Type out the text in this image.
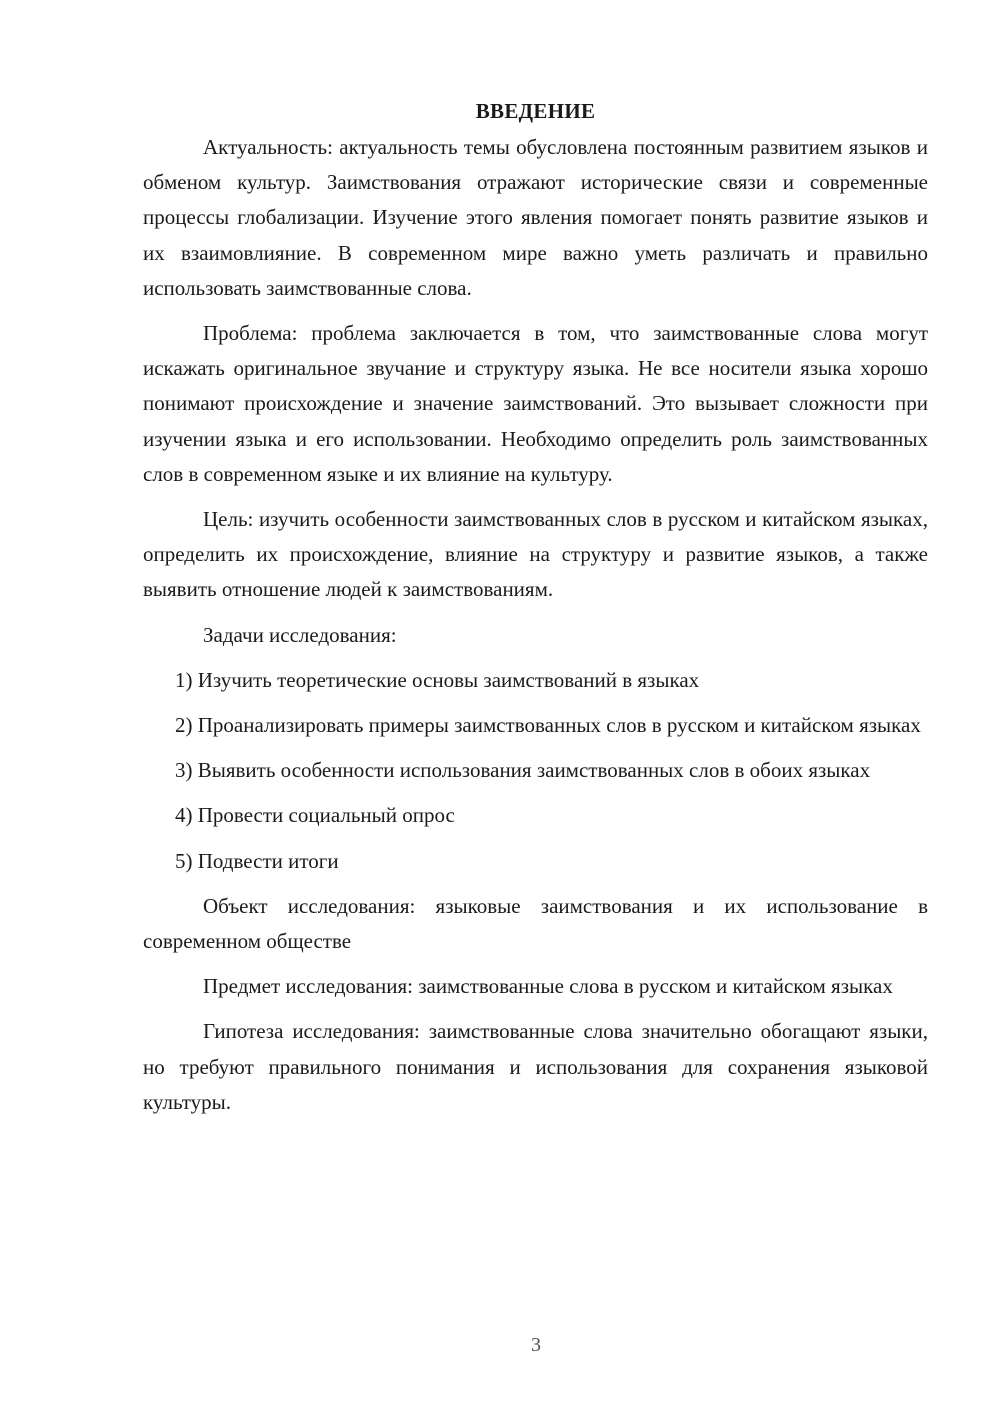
ВВЕДЕНИЕ

Актуальность: актуальность темы обусловлена постоянным развитием языков и обменом культур. Заимствования отражают исторические связи и современные процессы глобализации. Изучение этого явления помогает понять развитие языков и их взаимовлияние. В современном мире важно уметь различать и правильно использовать заимствованные слова.

Проблема: проблема заключается в том, что заимствованные слова могут искажать оригинальное звучание и структуру языка. Не все носители языка хорошо понимают происхождение и значение заимствований. Это вызывает сложности при изучении языка и его использовании. Необходимо определить роль заимствованных слов в современном языке и их влияние на культуру.

Цель: изучить особенности заимствованных слов в русском и китайском языках, определить их происхождение, влияние на структуру и развитие языков, а также выявить отношение людей к заимствованиям.

Задачи исследования:

1) Изучить теоретические основы заимствований в языках

2) Проанализировать примеры заимствованных слов в русском и китайском языках

3) Выявить особенности использования заимствованных слов в обоих языках

4) Провести социальный опрос

5) Подвести итоги

Объект исследования: языковые заимствования и их использование в современном обществе

Предмет исследования: заимствованные слова в русском и китайском языках

Гипотеза исследования: заимствованные слова значительно обогащают языки, но требуют правильного понимания и использования для сохранения языковой культуры.

3
